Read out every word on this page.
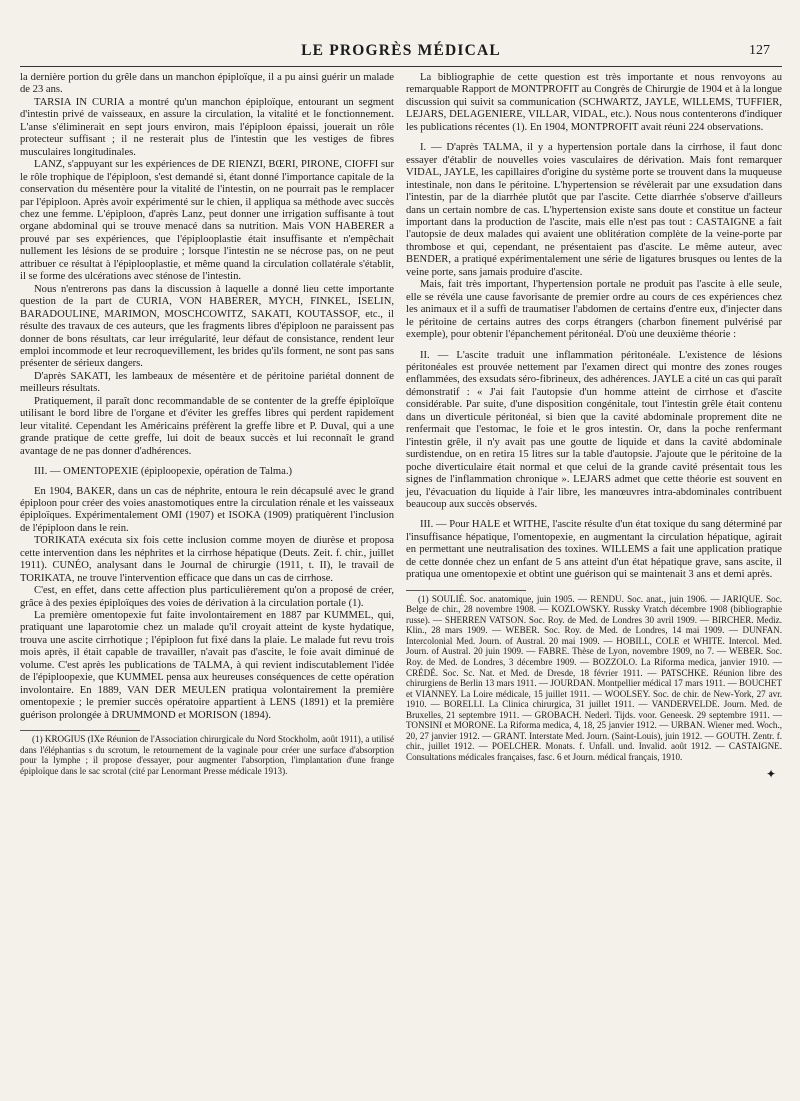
LE PROGRÈS MÉDICAL	127

la dernière portion du grêle dans un manchon épiploïque, il a pu ainsi guérir un malade de 23 ans.

TARSIA IN CURIA a montré qu'un manchon épiploïque, entourant un segment d'intestin privé de vaisseaux, en assure la circulation, la vitalité et le fonctionnement. L'anse s'éliminerait en sept jours environ, mais l'épiploon épaissi, jouerait un rôle protecteur suffisant ; il ne resterait plus de l'intestin que les vestiges de fibres musculaires longitudinales.

LANZ, s'appuyant sur les expériences de DE RIENZI, BŒRI, PIRONE, CIOFFI sur le rôle trophique de l'épiploon, s'est demandé si, étant donné l'importance capitale de la conservation du mésentère pour la vitalité de l'intestin, on ne pourrait pas le remplacer par l'épiploon. Après avoir expérimenté sur le chien, il appliqua sa méthode avec succès chez une femme. L'épiploon, d'après Lanz, peut donner une irrigation suffisante à tout organe abdominal qui se trouve menacé dans sa nutrition. Mais VON HABERER a prouvé par ses expériences, que l'épiplooplastie était insuffisante et n'empêchait nullement les lésions de se produire ; lorsque l'intestin ne se nécrose pas, on ne peut attribuer ce résultat à l'épiplooplastie, et même quand la circulation collatérale s'établit, il se forme des ulcérations avec sténose de l'intestin.

Nous n'entrerons pas dans la discussion à laquelle a donné lieu cette importante question de la part de CURIA, VON HABERER, MYCH, FINKEL, ISELIN, BARADOULINE, MARIMON, MOSCHCOWITZ, SAKATI, KOUTASSOF, etc., il résulte des travaux de ces auteurs, que les fragments libres d'épiploon ne paraissent pas donner de bons résultats, car leur irrégularité, leur défaut de consistance, rendent leur emploi incommode et leur recroquevillement, les brides qu'ils forment, ne sont pas sans présenter de sérieux dangers.

D'après SAKATI, les lambeaux de mésentère et de péritoine pariétal donnent de meilleurs résultats.

Pratiquement, il paraît donc recommandable de se contenter de la greffe épiploïque utilisant le bord libre de l'organe et d'éviter les greffes libres qui perdent rapidement leur vitalité. Cependant les Américains préfèrent la greffe libre et P. Duval, qui a une grande pratique de cette greffe, lui doit de beaux succès et lui reconnaît le grand avantage de ne pas donner d'adhérences.

III. — OMENTOPEXIE (épiploopexie, opération de Talma.)

En 1904, BAKER, dans un cas de néphrite, entoura le rein décapsulé avec le grand épiploon pour créer des voies anastomotiques entre la circulation rénale et les vaisseaux épiploïques. Expérimentalement OMI (1907) et ISOKA (1909) pratiquèrent l'inclusion de l'épiploon dans le rein.

TORIKATA exécuta six fois cette inclusion comme moyen de diurèse et proposa cette intervention dans les néphrites et la cirrhose hépatique (Deuts. Zeit. f. chir., juillet 1911). CUNÉO, analysant dans le Journal de chirurgie (1911, t. II), le travail de TORIKATA, ne trouve l'intervention efficace que dans un cas de cirrhose.

C'est, en effet, dans cette affection plus particulièrement qu'on a proposé de créer, grâce à des pexies épiploïques des voies de dérivation à la circulation portale (1).

La première omentopexie fut faite involontairement en 1887 par KUMMEL, qui, pratiquant une laparotomie chez un malade qu'il croyait atteint de kyste hydatique, trouva une ascite cirrhotique ; l'épiploon fut fixé dans la plaie. Le malade fut revu trois mois après, il était capable de travailler, n'avait pas d'ascite, le foie avait diminué de volume. C'est après les publications de TALMA, à qui revient indiscutablement l'idée de l'épiploopexie, que KUMMEL pensa aux heureuses conséquences de cette opération involontaire. En 1889, VAN DER MEULEN pratiqua volontairement la première omentopexie ; le premier succès opératoire appartient à LENS (1891) et la première guérison prolongée à DRUMMOND et MORISON (1894).

(1) KROGIUS (IXe Réunion de l'Association chirurgicale du Nord Stockholm, août 1911), a utilisé dans l'éléphantias s du scrotum, le retournement de la vaginale pour créer une surface d'absorption pour la lymphe ; il propose d'essayer, pour augmenter l'absorption, l'implantation d'une frange épiploïque dans le sac scrotal (cité par Lenormant Presse médicale 1913).

La bibliographie de cette question est très importante et nous renvoyons au remarquable Rapport de MONTPROFIT au Congrès de Chirurgie de 1904 et à la longue discussion qui suivit sa communication (SCHWARTZ, JAYLE, WILLEMS, TUFFIER, LEJARS, DELAGENIERE, VILLAR, VIDAL, etc.). Nous nous contenterons d'indiquer les publications récentes (1). En 1904, MONTPROFIT avait réuni 224 observations.

I. — D'après TALMA, il y a hypertension portale dans la cirrhose, il faut donc essayer d'établir de nouvelles voies vasculaires de dérivation. Mais font remarquer VIDAL, JAYLE, les capillaires d'origine du système porte se trouvent dans la muqueuse intestinale, non dans le péritoine. L'hypertension se révèlerait par une exsudation dans l'intestin, par de la diarrhée plutôt que par l'ascite. Cette diarrhée s'observe d'ailleurs dans un certain nombre de cas. L'hypertension existe sans doute et constitue un facteur important dans la production de l'ascite, mais elle n'est pas tout : CASTAIGNE a fait l'autopsie de deux malades qui avaient une oblitération complète de la veine-porte par thrombose et qui, cependant, ne présentaient pas d'ascite. Le même auteur, avec BENDER, a pratiqué expérimentalement une série de ligatures brusques ou lentes de la veine porte, sans jamais produire d'ascite.

Mais, fait très important, l'hypertension portale ne produit pas l'ascite à elle seule, elle se révéla une cause favorisante de premier ordre au cours de ces expériences chez les animaux et il a suffi de traumatiser l'abdomen de certains d'entre eux, d'injecter dans le péritoine de certains autres des corps étrangers (charbon finement pulvérisé par exemple), pour obtenir l'épanchement péritonéal. D'où une deuxième théorie :

II. — L'ascite traduit une inflammation péritonéale. L'existence de lésions péritonéales est prouvée nettement par l'examen direct qui montre des zones rouges enflammées, des exsudats séro-fibrineux, des adhérences. JAYLE a cité un cas qui paraît démonstratif : « J'ai fait l'autopsie d'un homme atteint de cirrhose et d'ascite considérable. Par suite, d'une disposition congénitale, tout l'intestin grêle était contenu dans un diverticule péritonéal, si bien que la cavité abdominale proprement dite ne renfermait que l'estomac, le foie et le gros intestin. Or, dans la poche renfermant l'intestin grêle, il n'y avait pas une goutte de liquide et dans la cavité abdominale surdistendue, on en retira 15 litres sur la table d'autopsie. J'ajoute que le péritoine de la poche diverticulaire était normal et que celui de la grande cavité présentait tous les signes de l'inflammation chronique ». LEJARS admet que cette théorie est souvent en jeu, l'évacuation du liquide à l'air libre, les manœuvres intra-abdominales contribuent beaucoup aux succès observés.

III. — Pour HALE et WITHE, l'ascite résulte d'un état toxique du sang déterminé par l'insuffisance hépatique, l'omentopexie, en augmentant la circulation hépatique, agirait en permettant une neutralisation des toxines. WILLEMS a fait une application pratique de cette donnée chez un enfant de 5 ans atteint d'un état hépatique grave, sans ascite, il pratiqua une omentopexie et obtint une guérison qui se maintenait 3 ans et demi après.

(1) SOULIÉ. Soc. anatomique, juin 1905. — RENDU. Soc. anat., juin 1906. — JARIQUE. Soc. Belge de chir., 28 novembre 1908. — KOZLOWSKY. Russky Vratch décembre 1908 (bibliographie russe). — SHERREN VATSON. Soc. Roy. de Med. de Londres 30 avril 1909. — BIRCHER. Mediz. Klin., 28 mars 1909. — WEBER. Soc. Roy. de Med. de Londres, 14 mai 1909. — DUNFAN. Intercolonial Med. Journ. of Austral. 20 mai 1909. — HOBILL, COLE et WHITE. Intercol. Med. Journ. of Austral. 20 juin 1909. — FABRE. Thèse de Lyon, novembre 1909, no 7. — WEBER. Soc. Roy. de Med. de Londres, 3 décembre 1909. — BOZZOLO. La Riforma medica, janvier 1910. — CRÉDÉ. Soc. Sc. Nat. et Med. de Dresde, 18 février 1911. — PATSCHKE. Réunion libre des chirurgiens de Berlin 13 mars 1911. — JOURDAN. Montpellier médical 17 mars 1911. — BOUCHET et VIANNEY. La Loire médicale, 15 juillet 1911. — WOOLSEY. Soc. de chir. de New-York, 27 avr. 1910. — BORELLI. La Clinica chirurgica, 31 juillet 1911. — VANDERVELDE. Journ. Med. de Bruxelles, 21 septembre 1911. — GROBACH. Nederl. Tijds. voor. Geneesk. 29 septembre 1911. — TONSINI et MORONE. La Riforma medica, 4, 18, 25 janvier 1912. — URBAN. Wiener med. Woch., 20, 27 janvier 1912. — GRANT. Interstate Med. Journ. (Saint-Louis), juin 1912. — GOUTH. Zentr. f. chir., juillet 1912. — POELCHER. Monats. f. Unfall. und. Invalid. août 1912. — CASTAIGNE. Consultations médicales françaises, fasc. 6 et Journ. médical français, 1910.

✦
